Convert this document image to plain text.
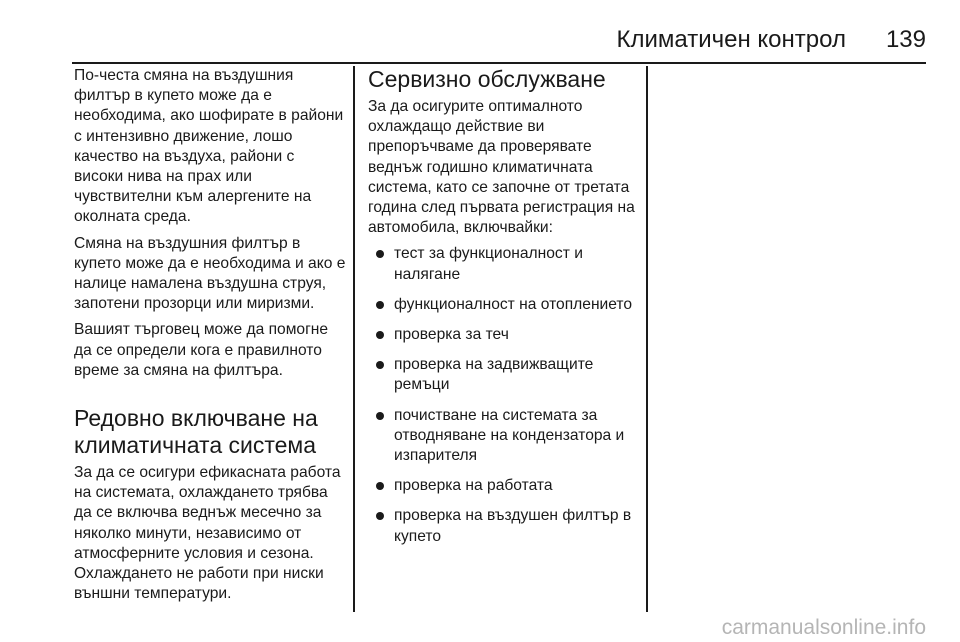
Климатичен контрол 139

По-честа смяна на въздушния филтър в купето може да е необходима, ако шофирате в райони с интензивно движение, лошо качество на въздуха, райони с високи нива на прах или чувствителни към алергените на околната среда.

Смяна на въздушния филтър в купето може да е необходима и ако е налице намалена въздушна струя, запотени прозорци или миризми.

Вашият търговец може да помогне да се определи кога е правилното време за смяна на филтъра.

Редовно включване на климатичната система

За да се осигури ефикасната работа на системата, охлаждането трябва да се включва веднъж месечно за няколко минути, независимо от атмосферните условия и сезона. Охлаждането не работи при ниски външни температури.

Сервизно обслужване

За да осигурите оптималното охлаждащо действие ви препоръчваме да проверявате веднъж годишно климатичната система, като се започне от третата година след първата регистрация на автомобила, включвайки:

тест за функционалност и налягане
функционалност на отоплението
проверка за теч
проверка на задвижващите ремъци
почистване на системата за отводняване на кондензатора и изпарителя
проверка на работата
проверка на въздушен филтър в купето
carmanualsonline.info
